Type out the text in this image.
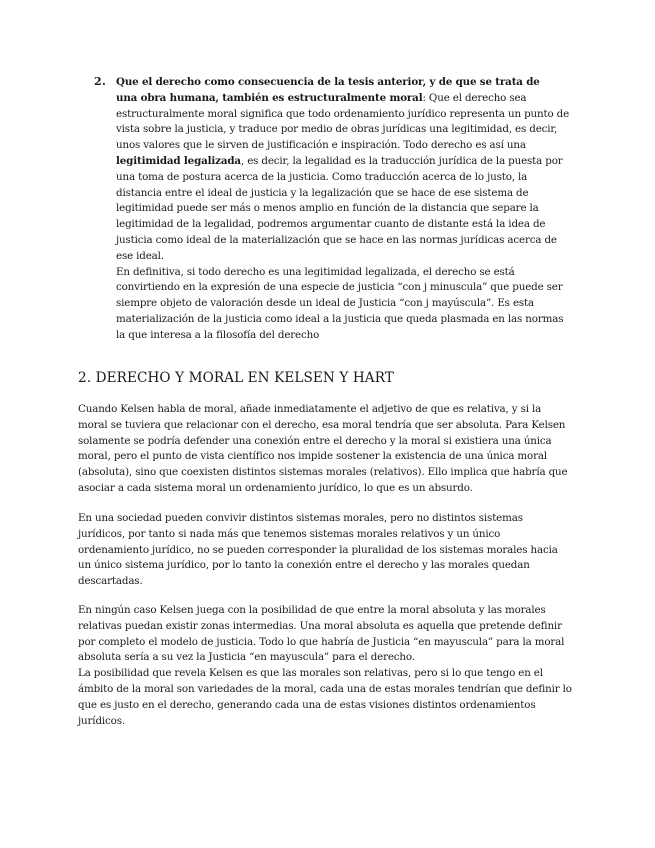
2. Que el derecho como consecuencia de la tesis anterior, y de que se trata de
una obra humana, también es estructuralmente moral: Que el derecho sea
estructuralmente moral significa que todo ordenamiento jurídico representa un punto de
vista sobre la justicia, y traduce por medio de obras jurídicas una legitimidad, es decir,
unos valores que le sirven de justificación e inspiración. Todo derecho es así una
legitimidad legalizada, es decir, la legalidad es la traducción jurídica de la puesta por
una toma de postura acerca de la justicia. Como traducción acerca de lo justo, la
distancia entre el ideal de justicia y la legalización que se hace de ese sistema de
legitimidad puede ser más o menos amplio en función de la distancia que separe la
legitimidad de la legalidad, podremos argumentar cuanto de distante está la idea de
justicia como ideal de la materialización que se hace en las normas jurídicas acerca de
ese ideal.
En definitiva, si todo derecho es una legitimidad legalizada, el derecho se está
convirtiendo en la expresión de una especie de justicia “con j minuscula” que puede ser
siempre objeto de valoración desde un ideal de Justicia “con j mayúscula”. Es esta
materialización de la justicia como ideal a la justicia que queda plasmada en las normas
la que interesa a la filosofía del derecho
2. DERECHO Y MORAL EN KELSEN Y HART
Cuando Kelsen habla de moral, añade inmediatamente el adjetivo de que es relativa, y si la
moral se tuviera que relacionar con el derecho, esa moral tendría que ser absoluta. Para Kelsen
solamente se podría defender una conexión entre el derecho y la moral si existiera una única
moral, pero el punto de vista científico nos impide sostener la existencia de una única moral
(absoluta), sino que coexisten distintos sistemas morales (relativos). Ello implica que habría que
asociar a cada sistema moral un ordenamiento jurídico, lo que es un absurdo.
En una sociedad pueden convivir distintos sistemas morales, pero no distintos sistemas
jurídicos, por tanto si nada más que tenemos sistemas morales relativos y un único
ordenamiento jurídico, no se pueden corresponder la pluralidad de los sistemas morales hacia
un único sistema jurídico, por lo tanto la conexión entre el derecho y las morales quedan
descartadas.
En ningún caso Kelsen juega con la posibilidad de que entre la moral absoluta y las morales
relativas puedan existir zonas intermedias. Una moral absoluta es aquella que pretende definir
por completo el modelo de justicia. Todo lo que habría de Justicia “en mayuscula” para la moral
absoluta sería a su vez la Justicia “en mayuscula” para el derecho.
La posibilidad que revela Kelsen es que las morales son relativas, pero si lo que tengo en el
ámbito de la moral son variedades de la moral, cada una de estas morales tendrían que definir lo
que es justo en el derecho, generando cada una de estas visiones distintos ordenamientos
jurídicos.
